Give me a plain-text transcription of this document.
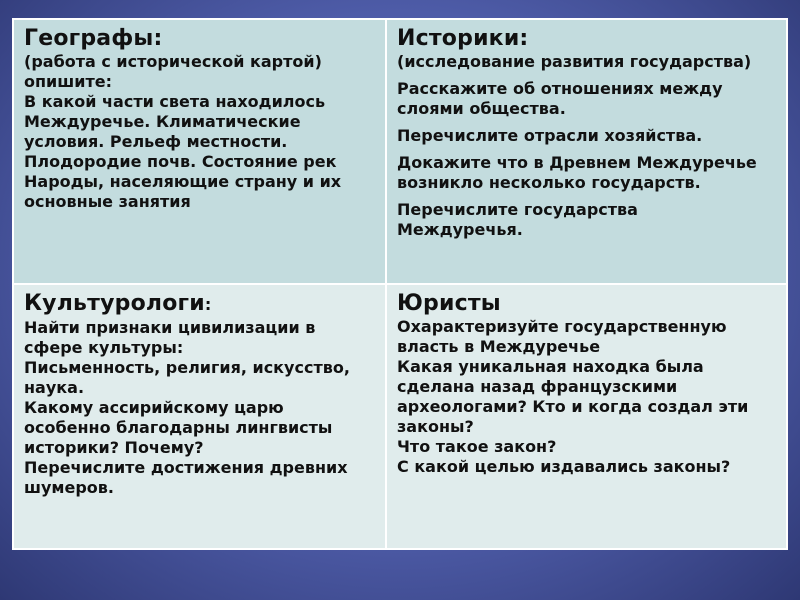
Географы:
(работа с исторической картой)
опишите:
В какой части света находилось
Междуречье. Климатические
условия. Рельеф местности.
Плодородие почв. Состояние рек
Народы, населяющие страну и их
основные занятия
Историки:
(исследование развития государства)
Расскажите об отношениях между
слоями общества.
Перечислите отрасли хозяйства.
Докажите что в Древнем Междуречье
возникло несколько государств.
Перечислите государства
Междуречья.
Культурологи:
Найти признаки цивилизации в
сфере культуры:
Письменность, религия, искусство,
наука.
Какому ассирийскому царю
особенно благодарны лингвисты
историки? Почему?
Перечислите достижения древних
шумеров.
Юристы
Охарактеризуйте государственную
власть в Междуречье
Какая уникальная находка была
сделана назад французскими
археологами? Кто и когда создал эти
законы?
Что такое закон?
С какой целью издавались законы?
